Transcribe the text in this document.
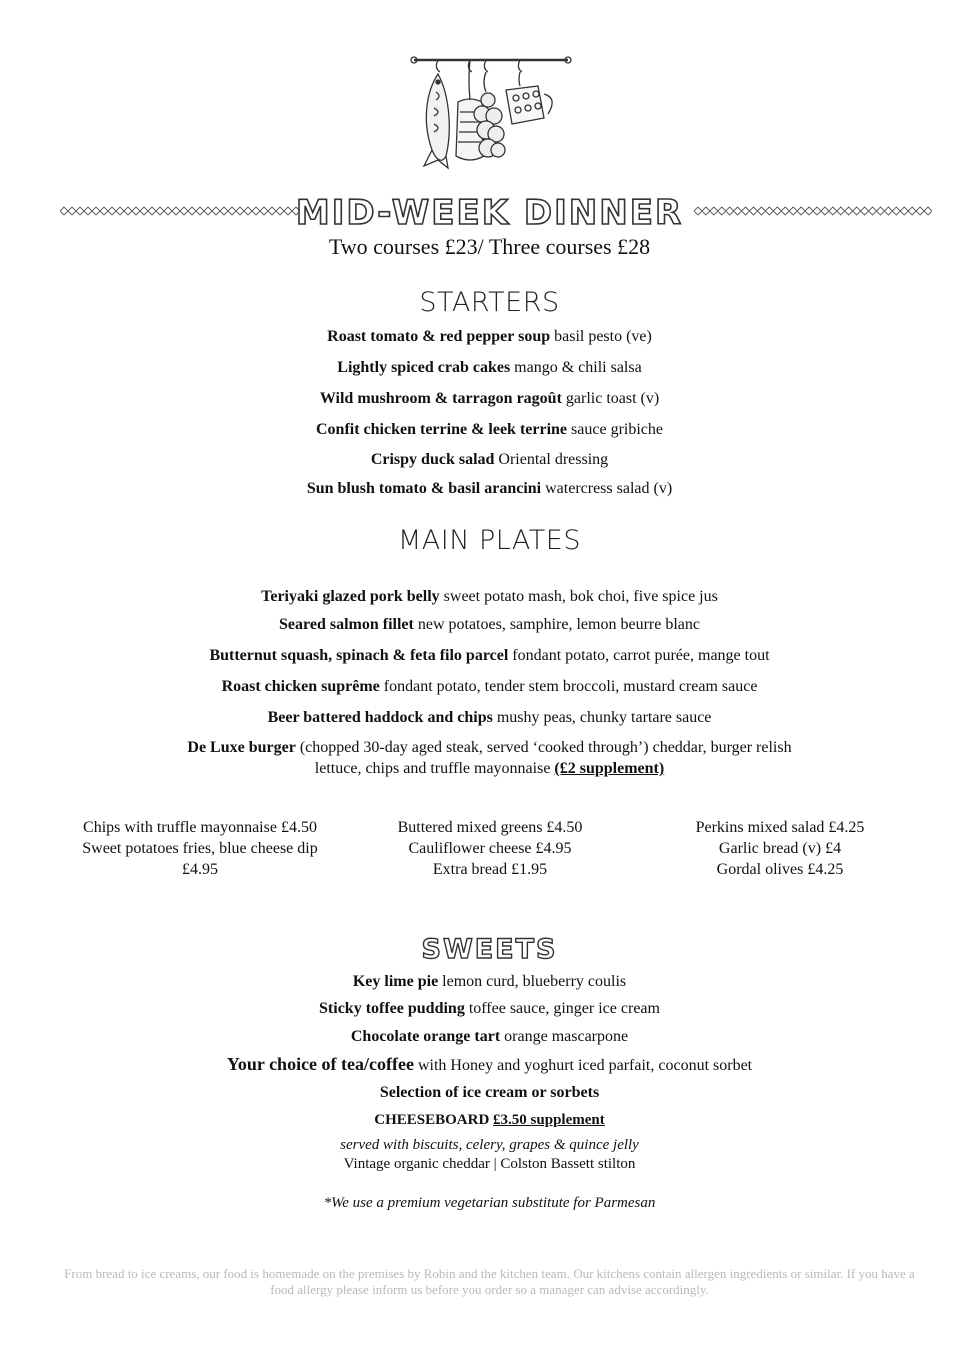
MID-WEEK DINNER
Two courses £23/ Three courses £28
STARTERS
Roast tomato & red pepper soup basil pesto (ve)
Lightly spiced crab cakes mango & chili salsa
Wild mushroom & tarragon ragoût garlic toast (v)
Confit chicken terrine & leek terrine sauce gribiche
Crispy duck salad Oriental dressing
Sun blush tomato & basil arancini watercress salad (v)
MAIN PLATES
Teriyaki glazed pork belly sweet potato mash, bok choi, five spice jus
Seared salmon fillet new potatoes, samphire, lemon beurre blanc
Butternut squash, spinach & feta filo parcel fondant potato, carrot purée, mange tout
Roast chicken suprême fondant potato, tender stem broccoli, mustard cream sauce
Beer battered haddock and chips mushy peas, chunky tartare sauce
De Luxe burger (chopped 30-day aged steak, served ‘cooked through’) cheddar, burger relish
lettuce, chips and truffle mayonnaise (£2 supplement)
Chips with truffle mayonnaise £4.50
Sweet potatoes fries, blue cheese dip
£4.95
Buttered mixed greens £4.50
Cauliflower cheese £4.95
Extra bread £1.95
Perkins mixed salad £4.25
Garlic bread (v) £4
Gordal olives £4.25
SWEETS
Key lime pie lemon curd, blueberry coulis
Sticky toffee pudding toffee sauce, ginger ice cream
Chocolate orange tart orange mascarpone
Your choice of tea/coffee with Honey and yoghurt iced parfait, coconut sorbet
Selection of ice cream or sorbets
CHEESEBOARD £3.50 supplement
served with biscuits, celery, grapes & quince jelly
Vintage organic cheddar | Colston Bassett stilton
*We use a premium vegetarian substitute for Parmesan
From bread to ice creams, our food is homemade on the premises by Robin and the kitchen team. Our kitchens contain allergen ingredients or similar. If you have a food allergy please inform us before you order so a manager can advise accordingly.
